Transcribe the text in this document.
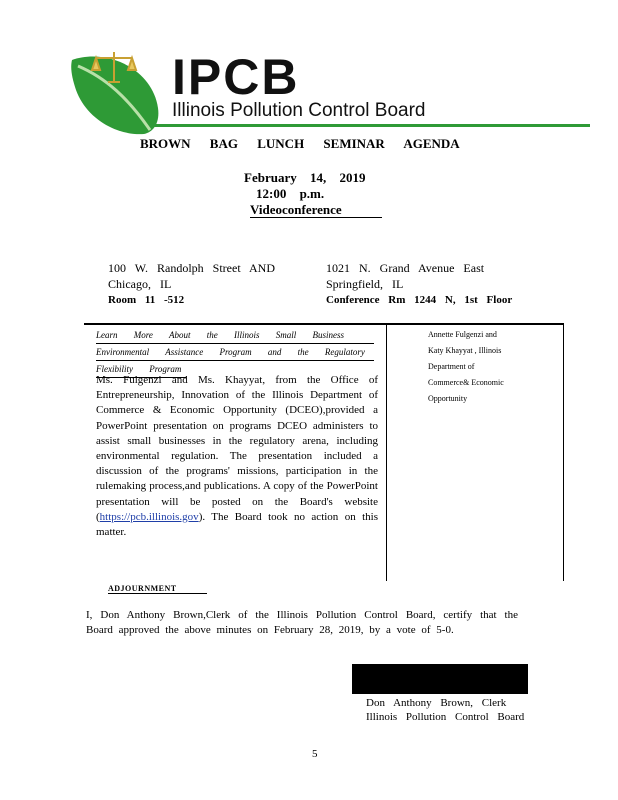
IPCB
Illinois Pollution Control Board
BROWN BAG LUNCH SEMINAR AGENDA
February 14, 2019
12:00 p.m.
Videoconference
100 W. Randolph Street AND
Chicago, IL
Room 11 -512
1021 N. Grand Avenue East
Springfield, IL
Conference Rm 1244 N, 1st Floor
Learn More About the Illinois Small Business
Environmental Assistance Program and the Regulatory
Flexibility Program
Ms. Fulgenzi and Ms. Khayyat, from the Office of Entrepreneurship, Innovation of the Illinois Department of Commerce & Economic Opportunity (DCEO),provided a PowerPoint presentation on programs DCEO administers to assist small businesses in the regulatory arena, including environmental regulation. The presentation included a discussion of the programs' missions, participation in the rulemaking process,and publications. A copy of the PowerPoint presentation will be posted on the Board's website (https://pcb.illinois.gov). The Board took no action on this matter.
Annette Fulgenzi and
Katy Khayyat , Illinois
Department of
Commerce& Economic
Opportunity
ADJOURNMENT
I, Don Anthony Brown,Clerk of the Illinois Pollution Control Board, certify that the Board approved the above minutes on February 28, 2019, by a vote of 5-0.
Don Anthony Brown, Clerk
Illinois Pollution Control Board
5
